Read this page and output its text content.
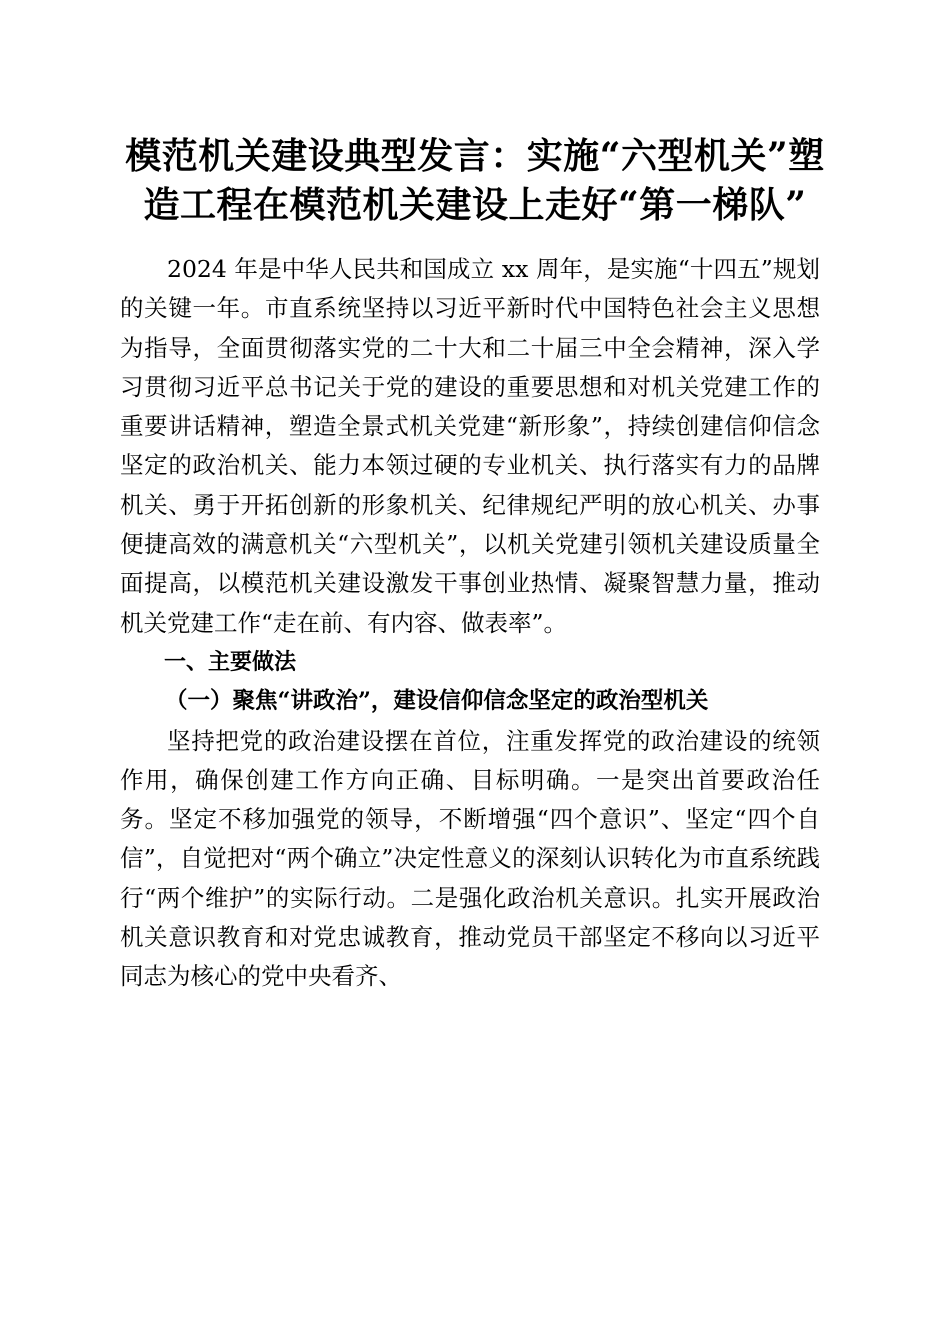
模范机关建设典型发言：实施“六型机关”塑
造工程在模范机关建设上走好“第一梯队”

2024 年是中华人民共和国成立 xx 周年，是实施“十四五”规划的关键一年。市直系统坚持以习近平新时代中国特色社会主义思想为指导，全面贯彻落实党的二十大和二十届三中全会精神，深入学习贯彻习近平总书记关于党的建设的重要思想和对机关党建工作的重要讲话精神，塑造全景式机关党建“新形象”，持续创建信仰信念坚定的政治机关、能力本领过硬的专业机关、执行落实有力的品牌机关、勇于开拓创新的形象机关、纪律规纪严明的放心机关、办事便捷高效的满意机关“六型机关”，以机关党建引领机关建设质量全面提高，以模范机关建设激发干事创业热情、凝聚智慧力量，推动机关党建工作“走在前、有内容、做表率”。

一、主要做法
（一）聚焦“讲政治”，建设信仰信念坚定的政治型机关

坚持把党的政治建设摆在首位，注重发挥党的政治建设的统领作用，确保创建工作方向正确、目标明确。一是突出首要政治任务。坚定不移加强党的领导，不断增强“四个意识”、坚定“四个自信”，自觉把对“两个确立”决定性意义的深刻认识转化为市直系统践行“两个维护”的实际行动。二是强化政治机关意识。扎实开展政治机关意识教育和对党忠诚教育，推动党员干部坚定不移向以习近平同志为核心的党中央看齐、
